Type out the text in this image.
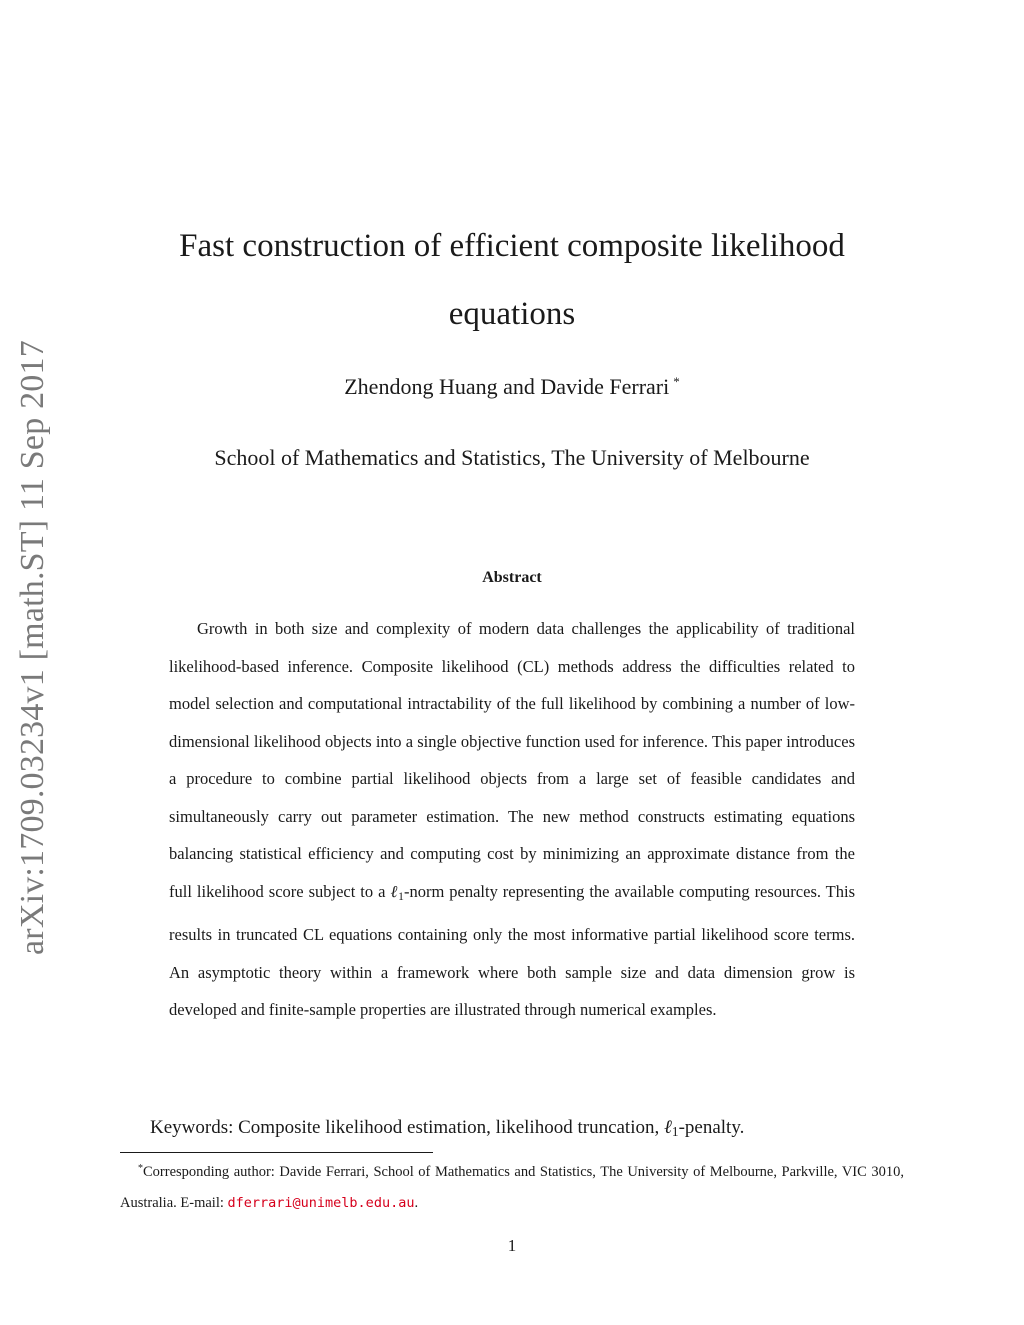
arXiv:1709.03234v1 [math.ST] 11 Sep 2017
Fast construction of efficient composite likelihood
equations
Zhendong Huang and Davide Ferrari *
School of Mathematics and Statistics, The University of Melbourne
Abstract

Growth in both size and complexity of modern data challenges the applicability of traditional likelihood-based inference. Composite likelihood (CL) methods address the difficulties related to model selection and computational intractability of the full likelihood by combining a number of low-dimensional likelihood objects into a single objective function used for inference. This paper introduces a procedure to combine partial likelihood objects from a large set of feasible candidates and simultaneously carry out parameter estimation. The new method constructs estimating equations balancing statistical efficiency and computing cost by minimizing an approximate distance from the full likelihood score subject to a ℓ1-norm penalty representing the available computing resources. This results in truncated CL equations containing only the most informative partial likelihood score terms. An asymptotic theory within a framework where both sample size and data dimension grow is developed and finite-sample properties are illustrated through numerical examples.

Keywords: Composite likelihood estimation, likelihood truncation, ℓ1-penalty.

*Corresponding author: Davide Ferrari, School of Mathematics and Statistics, The University of Melbourne, Parkville, VIC 3010, Australia. E-mail: dferrari@unimelb.edu.au.

1
